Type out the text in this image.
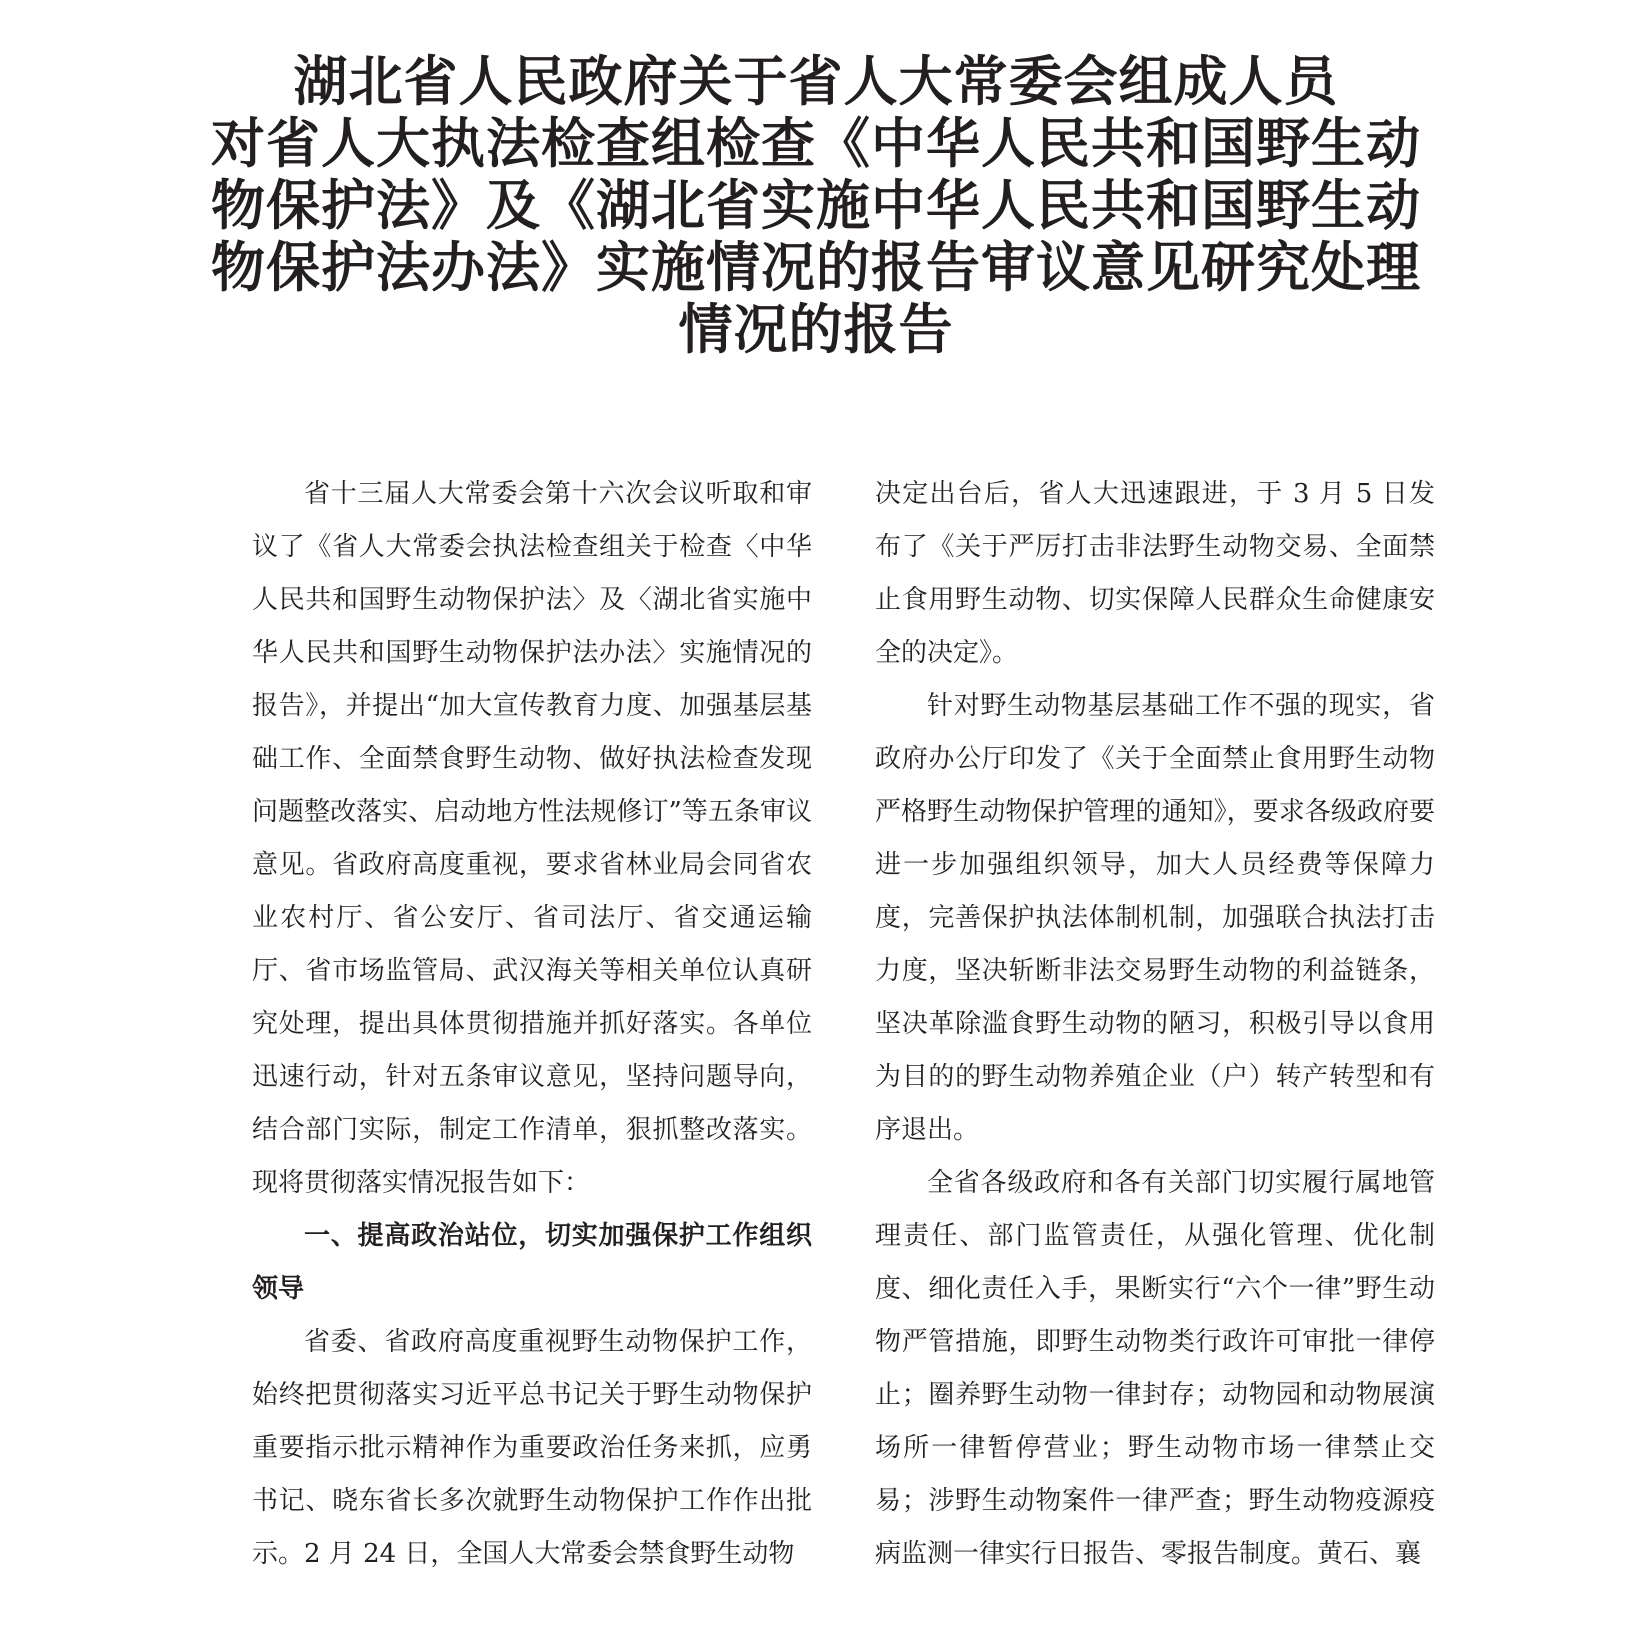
湖北省人民政府关于省人大常委会组成人员
对省人大执法检查组检查《中华人民共和国野生动
物保护法》及《湖北省实施中华人民共和国野生动
物保护法办法》实施情况的报告审议意见研究处理
情况的报告

省十三届人大常委会第十六次会议听取和审议了《省人大常委会执法检查组关于检查〈中华人民共和国野生动物保护法〉及〈湖北省实施中华人民共和国野生动物保护法办法〉实施情况的报告》，并提出“加大宣传教育力度、加强基层基础工作、全面禁食野生动物、做好执法检查发现问题整改落实、启动地方性法规修订”等五条审议意见。省政府高度重视，要求省林业局会同省农业农村厅、省公安厅、省司法厅、省交通运输厅、省市场监管局、武汉海关等相关单位认真研究处理，提出具体贯彻措施并抓好落实。各单位迅速行动，针对五条审议意见，坚持问题导向，结合部门实际，制定工作清单，狠抓整改落实。现将贯彻落实情况报告如下：

一、提高政治站位，切实加强保护工作组织领导

省委、省政府高度重视野生动物保护工作，始终把贯彻落实习近平总书记关于野生动物保护重要指示批示精神作为重要政治任务来抓，应勇书记、晓东省长多次就野生动物保护工作作出批示。2 月 24 日，全国人大常委会禁食野生动物

决定出台后，省人大迅速跟进，于 3 月 5 日发布了《关于严厉打击非法野生动物交易、全面禁止食用野生动物、切实保障人民群众生命健康安全的决定》。

针对野生动物基层基础工作不强的现实，省政府办公厅印发了《关于全面禁止食用野生动物严格野生动物保护管理的通知》，要求各级政府要进一步加强组织领导，加大人员经费等保障力度，完善保护执法体制机制，加强联合执法打击力度，坚决斩断非法交易野生动物的利益链条，坚决革除滥食野生动物的陋习，积极引导以食用为目的的野生动物养殖企业（户）转产转型和有序退出。

全省各级政府和各有关部门切实履行属地管理责任、部门监管责任，从强化管理、优化制度、细化责任入手，果断实行“六个一律”野生动物严管措施，即野生动物类行政许可审批一律停止；圈养野生动物一律封存；动物园和动物展演场所一律暂停营业；野生动物市场一律禁止交易；涉野生动物案件一律严查；野生动物疫源疫病监测一律实行日报告、零报告制度。黄石、襄
